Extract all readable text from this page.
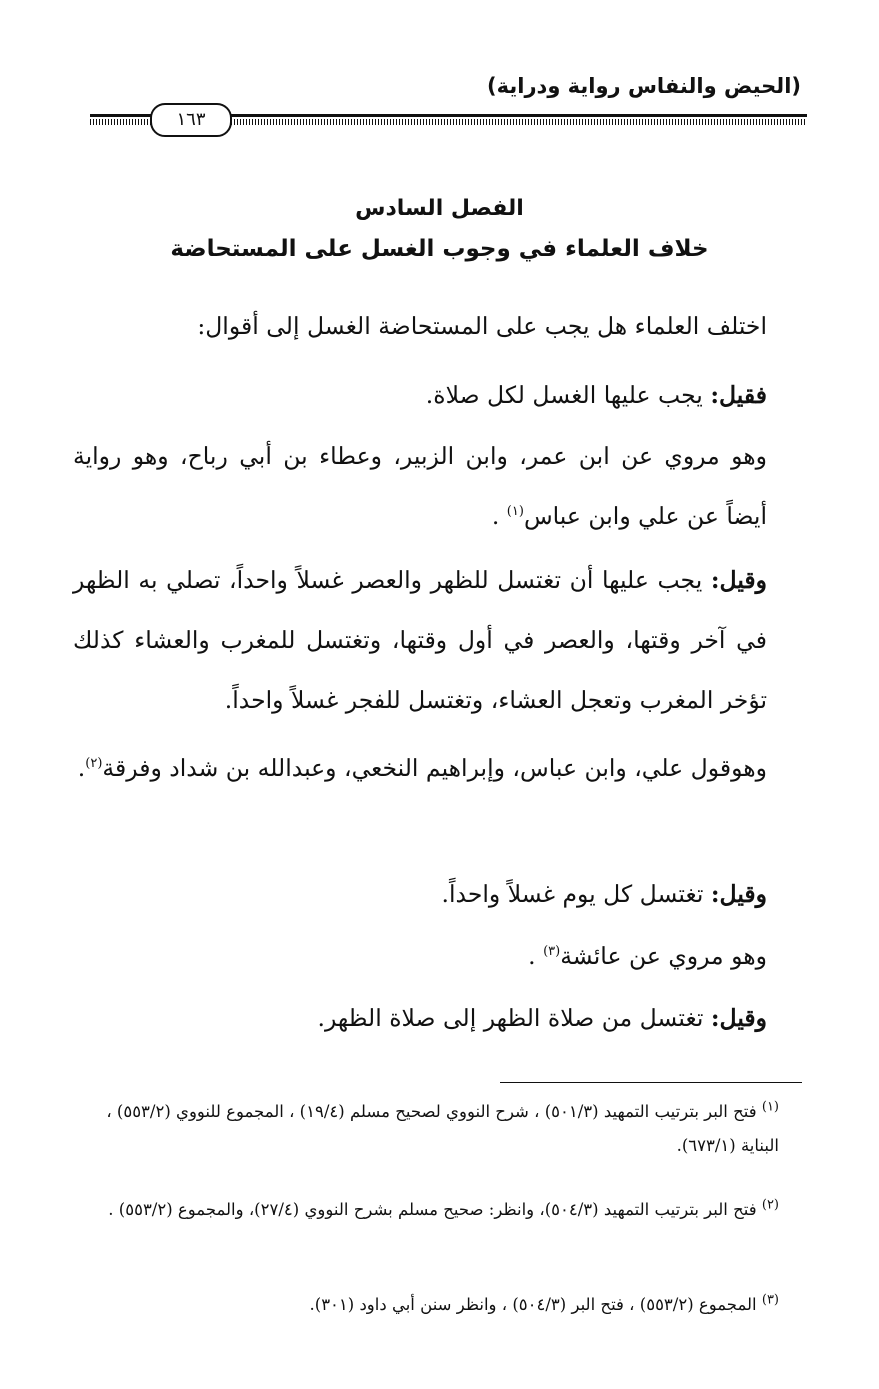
(الحيض والنفاس رواية ودراية)
١٦٣
الفصل السادس
خلاف العلماء في وجوب الغسل على المستحاضة

اختلف العلماء هل يجب على المستحاضة الغسل إلى أقوال:

فقيل: يجب عليها الغسل لكل صلاة.

وهو مروي عن ابن عمر، وابن الزبير، وعطاء بن أبي رباح، وهو رواية أيضاً عن علي وابن عباس$^{(١)}$ .

وقيل: يجب عليها أن تغتسل للظهر والعصر غسلاً واحداً، تصلي به الظهر في آخر وقتها، والعصر في أول وقتها، وتغتسل للمغرب والعشاء كذلك تؤخر المغرب وتعجل العشاء، وتغتسل للفجر غسلاً واحداً.

وهوقول علي، وابن عباس، وإبراهيم النخعي، وعبدالله بن شداد وفرقة$^{(٢)}$.

وقيل: تغتسل كل يوم غسلاً واحداً.

وهو مروي عن عائشة$^{(٣)}$ .

وقيل: تغتسل من صلاة الظهر إلى صلاة الظهر.

$^{(١)}$ فتح البر بترتيب التمهيد (٥٠١/٣) ، شرح النووي لصحيح مسلم (١٩/٤) ، المجموع للنووي (٥٥٣/٢) ، البناية (٦٧٣/١).

$^{(٢)}$ فتح البر بترتيب التمهيد (٥٠٤/٣)، وانظر: صحيح مسلم بشرح النووي (٢٧/٤)، والمجموع (٥٥٣/٢) .

$^{(٣)}$ المجموع (٥٥٣/٢) ، فتح البر (٥٠٤/٣) ، وانظر سنن أبي داود (٣٠١).
